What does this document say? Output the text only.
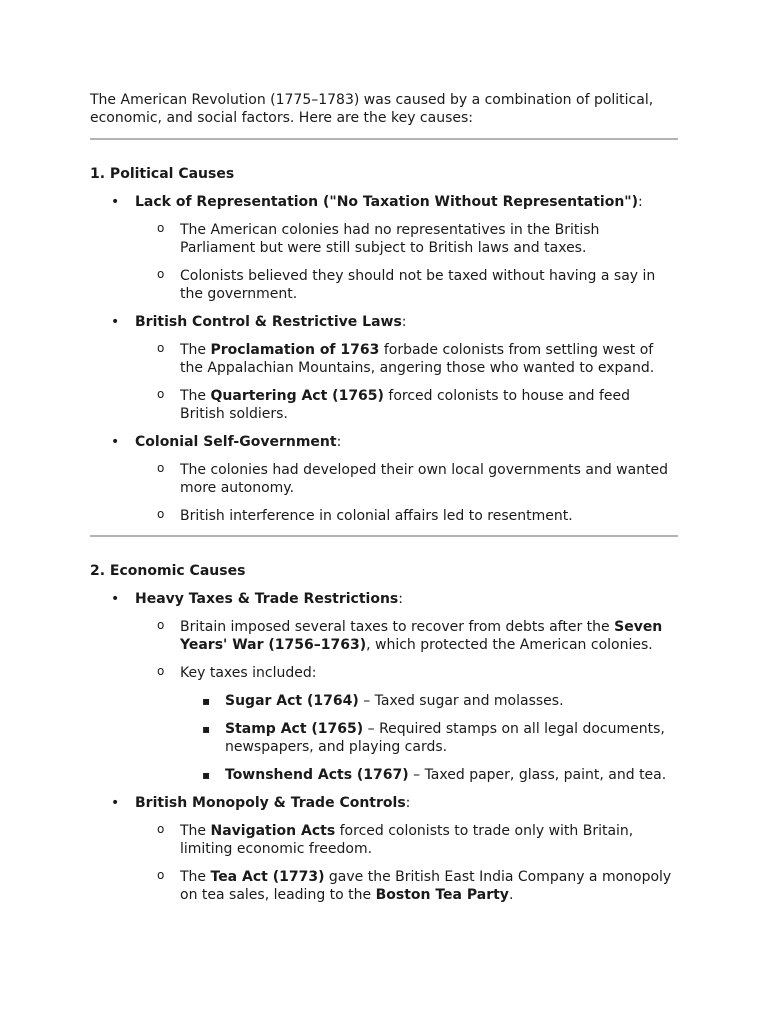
The American Revolution (1775–1783) was caused by a combination of political, economic, and social factors. Here are the key causes:

1. Political Causes
• Lack of Representation ("No Taxation Without Representation"):
o The American colonies had no representatives in the British Parliament but were still subject to British laws and taxes.
o Colonists believed they should not be taxed without having a say in the government.
• British Control & Restrictive Laws:
o The Proclamation of 1763 forbade colonists from settling west of the Appalachian Mountains, angering those who wanted to expand.
o The Quartering Act (1765) forced colonists to house and feed British soldiers.
• Colonial Self-Government:
o The colonies had developed their own local governments and wanted more autonomy.
o British interference in colonial affairs led to resentment.
2. Economic Causes
• Heavy Taxes & Trade Restrictions:
o Britain imposed several taxes to recover from debts after the Seven Years' War (1756–1763), which protected the American colonies.
o Key taxes included:
▪ Sugar Act (1764) – Taxed sugar and molasses.
▪ Stamp Act (1765) – Required stamps on all legal documents, newspapers, and playing cards.
▪ Townshend Acts (1767) – Taxed paper, glass, paint, and tea.
• British Monopoly & Trade Controls:
o The Navigation Acts forced colonists to trade only with Britain, limiting economic freedom.
o The Tea Act (1773) gave the British East India Company a monopoly on tea sales, leading to the Boston Tea Party.
